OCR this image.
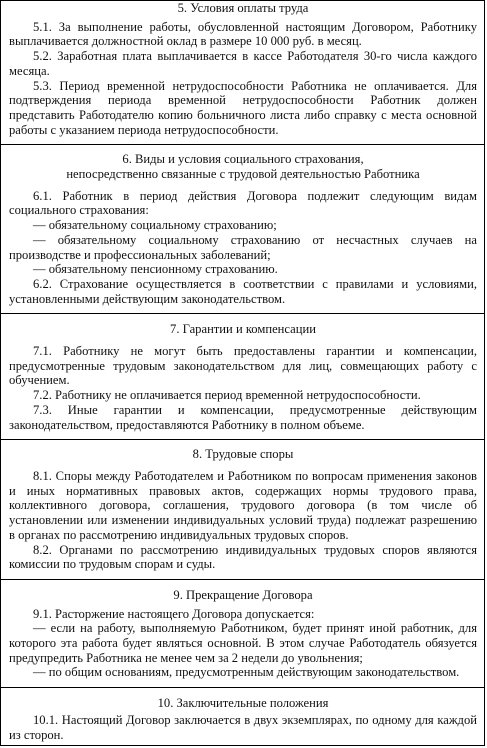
5. Условия оплаты труда

5.1. За выполнение работы, обусловленной настоящим Договором, Работнику выплачивается должностной оклад в размере 10 000 руб. в месяц.

5.2. Заработная плата выплачивается в кассе Работодателя 30-го числа каждого месяца.

5.3. Период временной нетрудоспособности Работника не оплачивается. Для подтверждения периода временной нетрудоспособности Работник должен представить Работодателю копию больничного листа либо справку с места основной работы с указанием периода нетрудоспособности.

6. Виды и условия социального страхования,
непосредственно связанные с трудовой деятельностью Работника

6.1. Работник в период действия Договора подлежит следующим видам социального страхования:

— обязательному социальному страхованию;

— обязательному социальному страхованию от несчастных случаев на производстве и профессиональных заболеваний;

— обязательному пенсионному страхованию.

6.2. Страхование осуществляется в соответствии с правилами и условиями, установленными действующим законодательством.

7. Гарантии и компенсации

7.1. Работнику не могут быть предоставлены гарантии и компенсации, предусмотренные трудовым законодательством для лиц, совмещающих работу с обучением.

7.2. Работнику не оплачивается период временной нетрудоспособности.

7.3. Иные гарантии и компенсации, предусмотренные действующим законодательством, предоставляются Работнику в полном объеме.

8. Трудовые споры

8.1. Споры между Работодателем и Работником по вопросам применения законов и иных нормативных правовых актов, содержащих нормы трудового права, коллективного договора, соглашения, трудового договора (в том числе об установлении или изменении индивидуальных условий труда) подлежат разрешению в органах по рассмотрению индивидуальных трудовых споров.

8.2. Органами по рассмотрению индивидуальных трудовых споров являются комиссии по трудовым спорам и суды.

9. Прекращение Договора

9.1. Расторжение настоящего Договора допускается:

— если на работу, выполняемую Работником, будет принят иной работник, для которого эта работа будет являться основной. В этом случае Работодатель обязуется предупредить Работника не менее чем за 2 недели до увольнения;

— по общим основаниям, предусмотренным действующим законодательством.

10. Заключительные положения

10.1. Настоящий Договор заключается в двух экземплярах, по одному для каждой из сторон.
